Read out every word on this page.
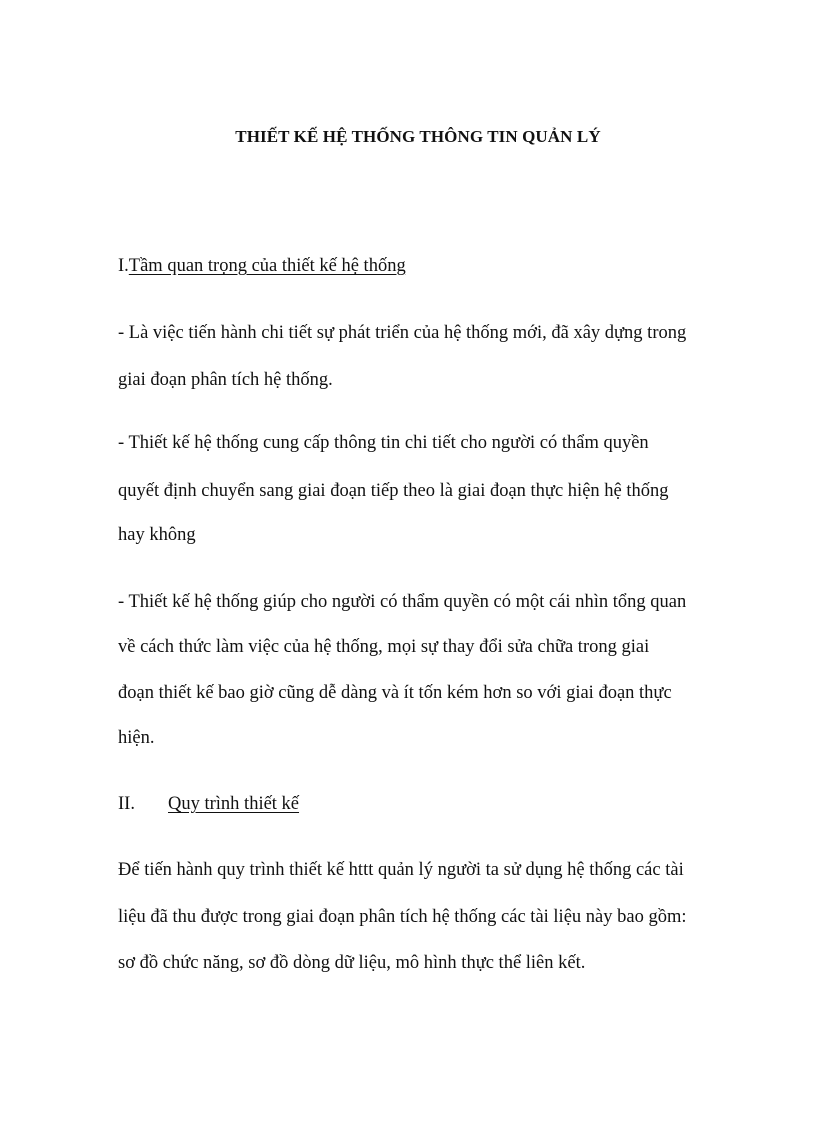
THIẾT KẾ HỆ THỐNG THÔNG TIN QUẢN LÝ
I.Tầm quan trọng của thiết kế hệ thống
- Là việc tiến hành chi tiết sự phát triển của hệ thống mới, đã xây dựng trong
giai đoạn phân tích hệ thống.
- Thiết kế hệ thống cung cấp thông tin chi tiết cho người có thẩm quyền
quyết định chuyển sang giai đoạn tiếp theo là giai đoạn thực hiện hệ thống
hay không
- Thiết kế hệ thống giúp cho người có thẩm quyền có một cái nhìn tổng quan
về cách thức làm việc của hệ thống, mọi sự thay đổi sửa chữa trong giai
đoạn thiết kế bao giờ cũng dễ dàng và ít tốn kém hơn so với giai đoạn thực
hiện.
II. Quy trình thiết kế
Để tiến hành quy trình thiết kế httt quản lý người ta sử dụng hệ thống các tài
liệu đã thu được trong giai đoạn phân tích hệ thống các tài liệu này bao gồm:
sơ đồ chức năng, sơ đồ dòng dữ liệu, mô hình thực thể liên kết.
